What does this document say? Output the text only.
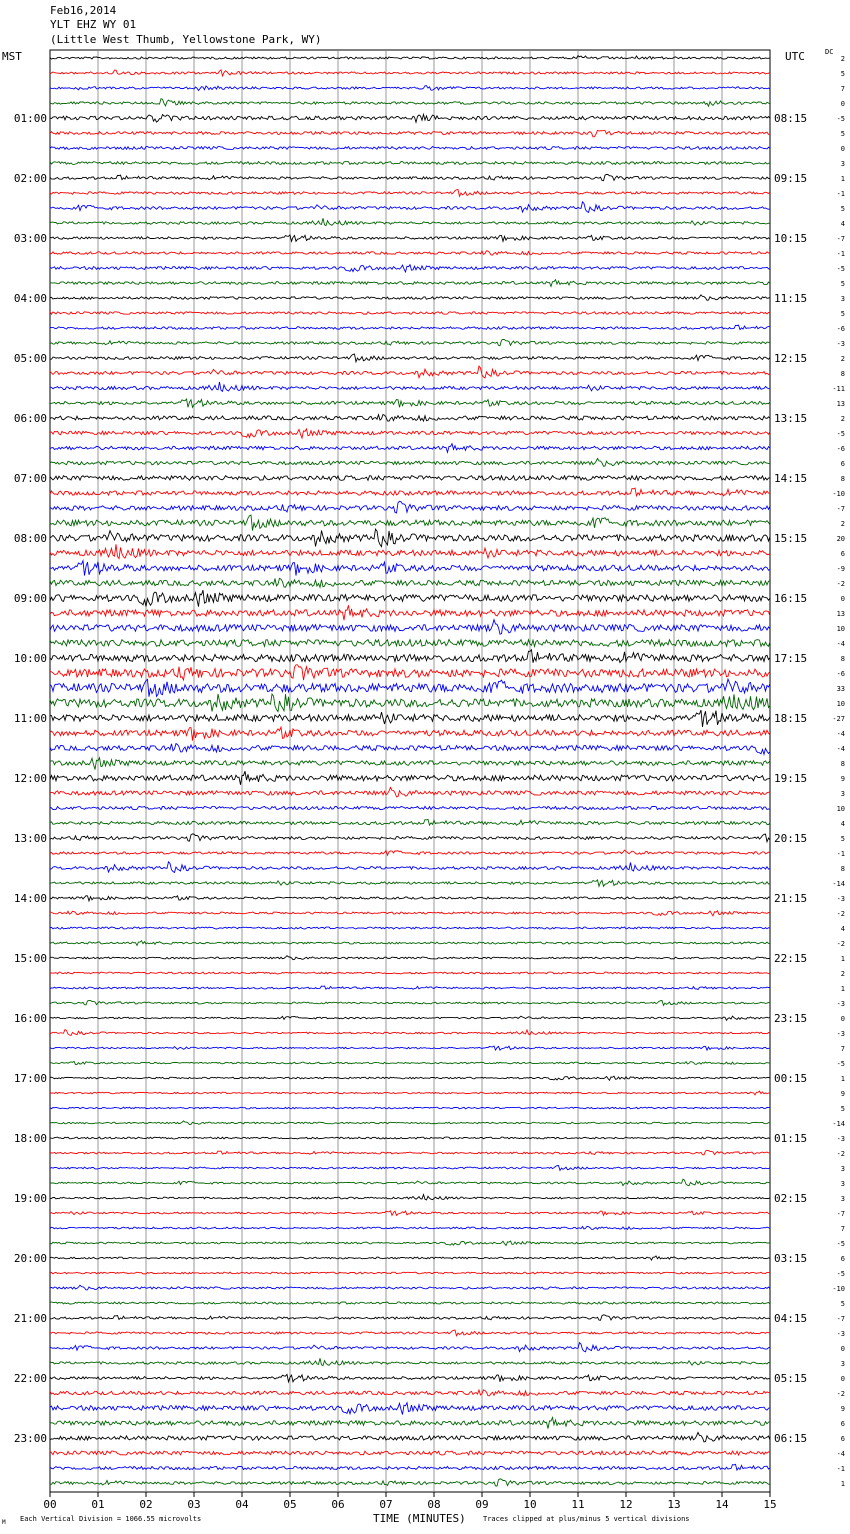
Feb16,2014
YLT EHZ WY 01
(Little West Thumb, Yellowstone Park, WY)
MST	UTC	DC
00	01	02	03	04	05	06	07	08	09	10	11	12	13	14	15
2
5
7
0
-5
5
0
3
1
-1
5
4
-7
-1
-5
5
3
5
-6
-3
2
8
-11
13
2
-5
-6
6
8
-10
-7
2
20
6
-9
-2
0
13
10
-4
8
-6
33
10
-27
-4
-4
8
9
3
10
4
5
-1
8
-14
-3
-2
4
-2
1
2
1
-3
0
-3
7
-5
1
9
5
-14
-3
-2
3
3
3
-7
7
-5
6
-5
-10
5
-7
-3
0
3
0
-2
9
6
6
-4
-1
1
01:00	08:15
02:00	09:15
03:00	10:15
04:00	11:15
05:00	12:15
06:00	13:15
07:00	14:15
08:00	15:15
09:00	16:15
10:00	17:15
11:00	18:15
12:00	19:15
13:00	20:15
14:00	21:15
15:00	22:15
16:00	23:15
17:00	00:15
18:00	01:15
19:00	02:15
20:00	03:15
21:00	04:15
22:00	05:15
23:00	06:15
M Each Vertical Division = 1066.55 microvolts	TIME (MINUTES) Traces clipped at plus/minus 5 vertical divisions
